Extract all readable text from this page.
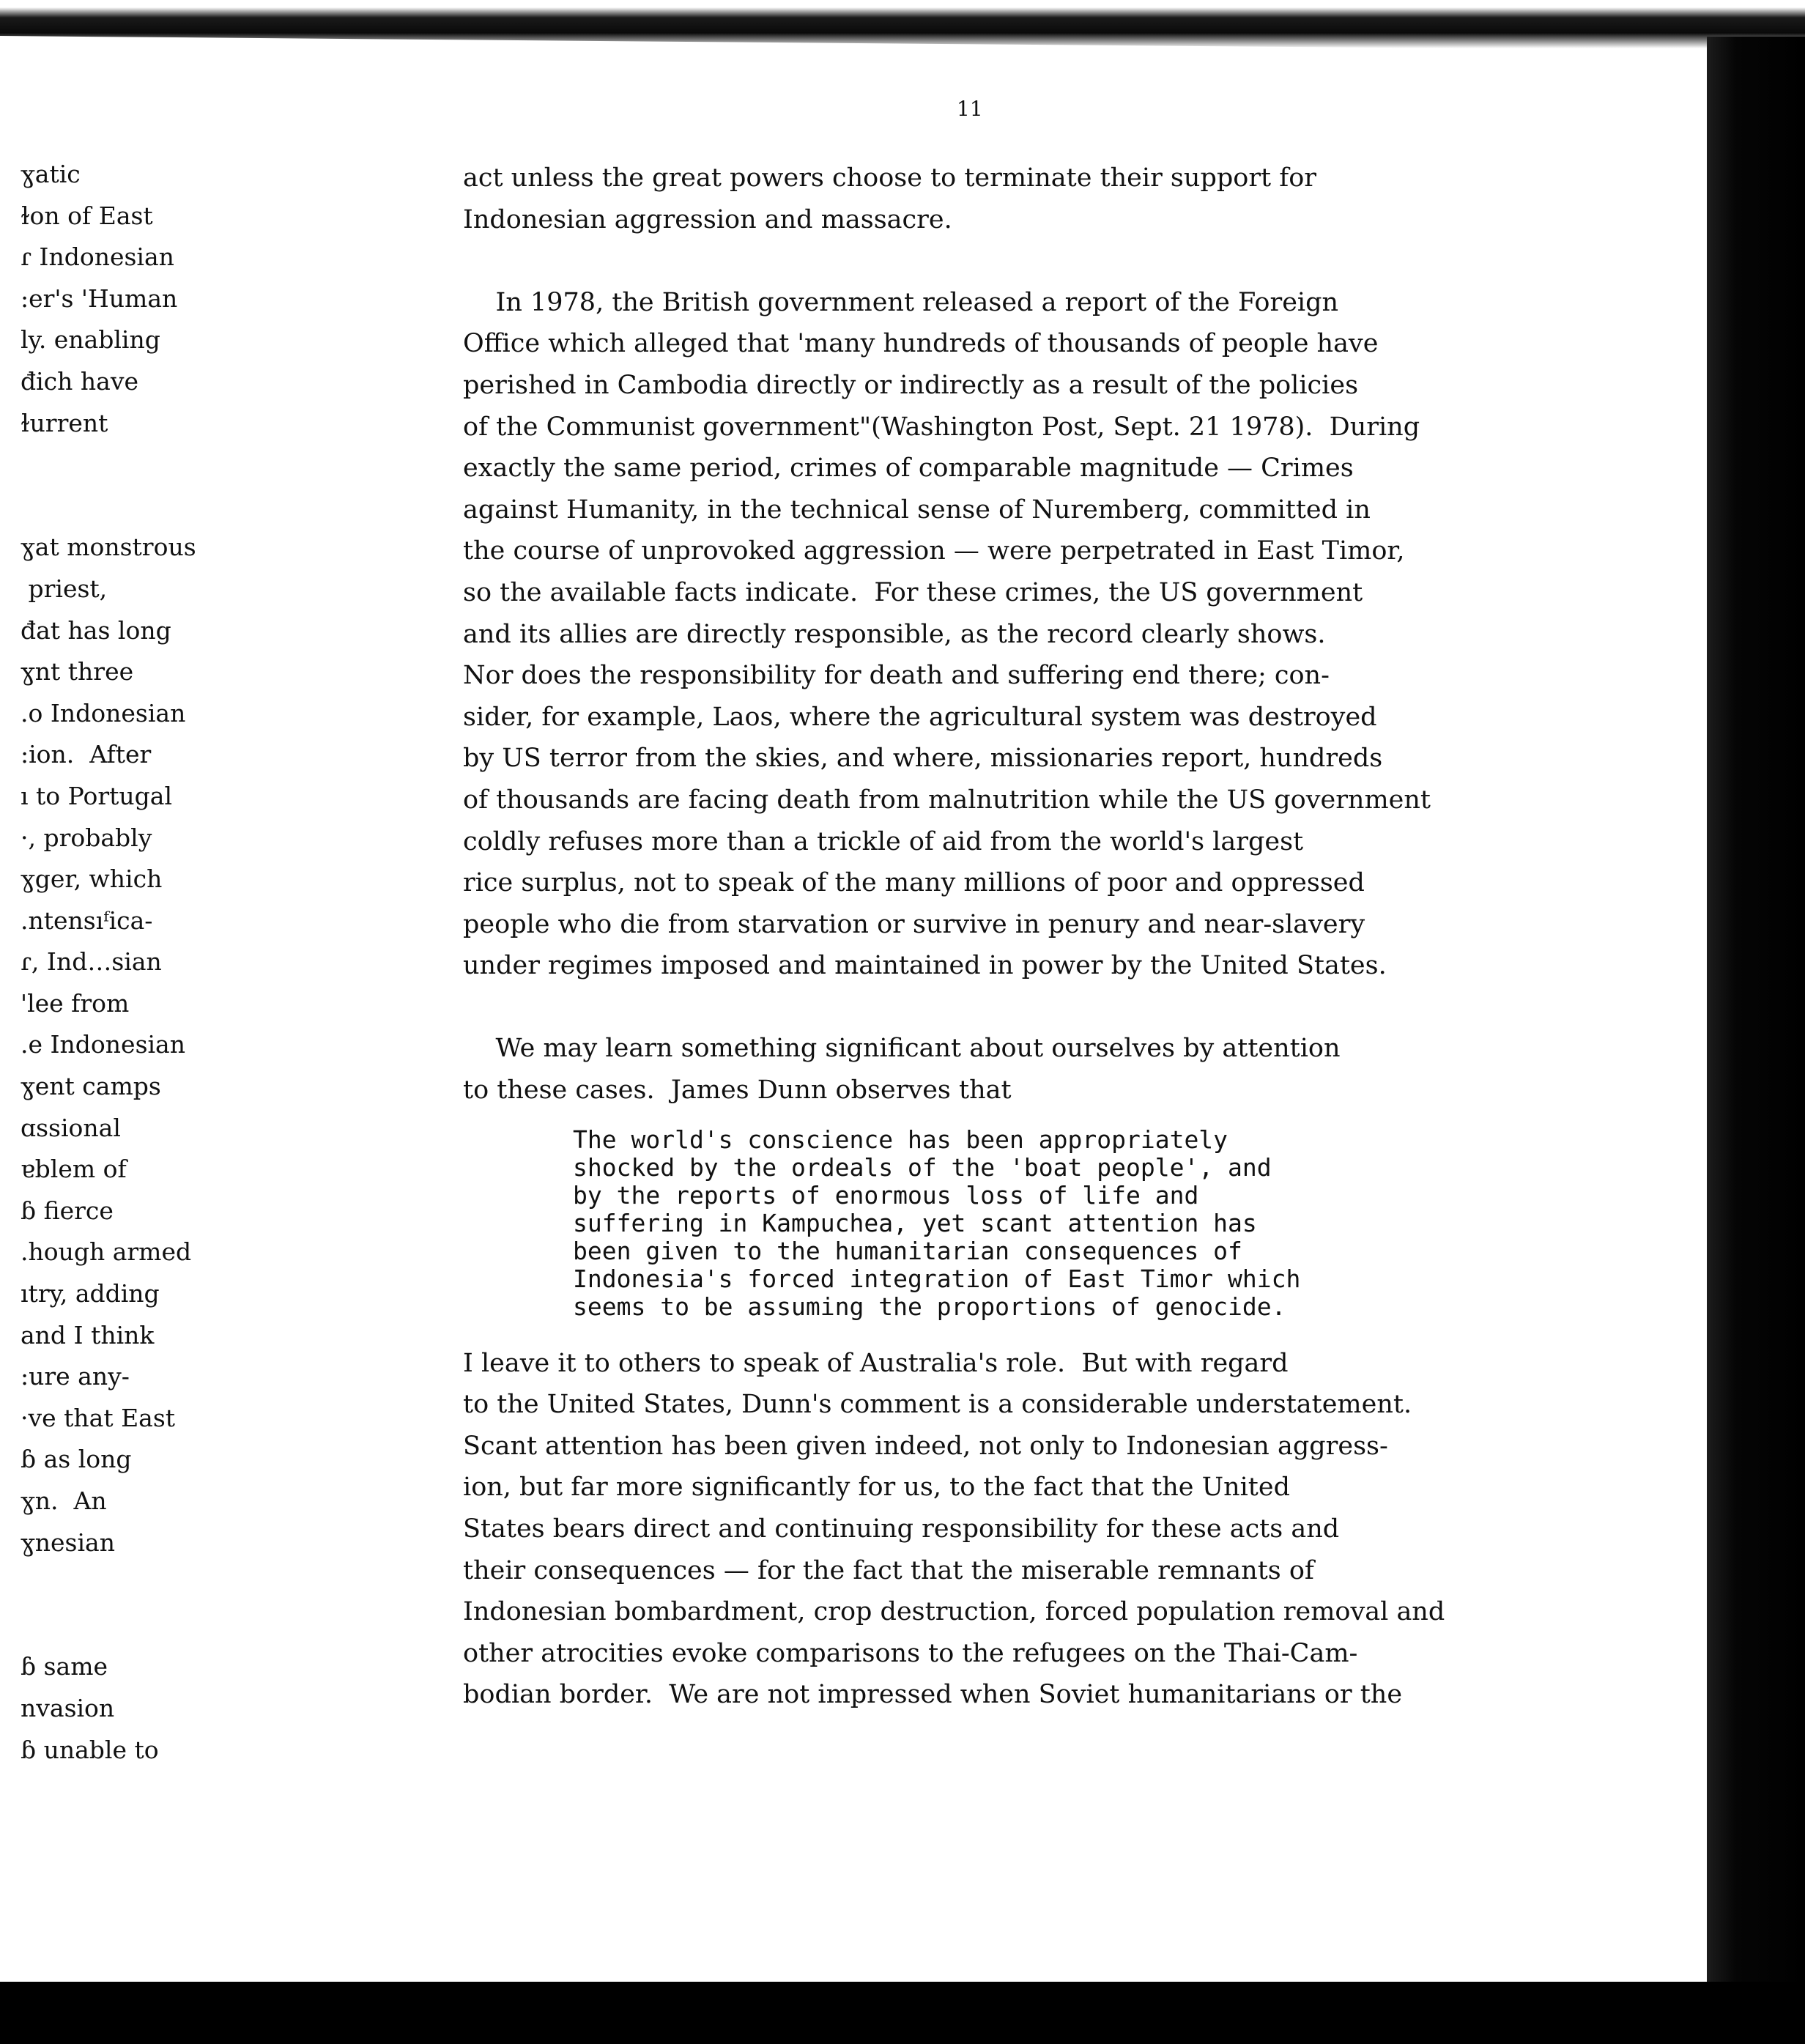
11
ɣatic
ɫon of East
ɾ Indonesian
:er's 'Human
ly. enabling
đich have
ɫurrent
ɣat monstrous
priest,
đat has long
ɣnt three
.o Indonesian
:ion.  After
ı to Portugal
·, probably
ɣger, which
.ntensıᶠica-
ɾ, Ind…sian
'lee from
.e Indonesian
ɣent camps
ɑssional
ɐblem of
ɓ fierce
.hough armed
ıtry, adding
and I think
:ure any-
·ve that East
ɓ as long
ɣn.  An
ɣnesian
ɓ same
nvasion
ɓ unable to
act unless the great powers choose to terminate their support for
Indonesian aggression and massacre.
In 1978, the British government released a report of the Foreign
Office which alleged that 'many hundreds of thousands of people have
perished in Cambodia directly or indirectly as a result of the policies
of the Communist government"(Washington Post, Sept. 21 1978).  During
exactly the same period, crimes of comparable magnitude — Crimes
against Humanity, in the technical sense of Nuremberg, committed in
the course of unprovoked aggression — were perpetrated in East Timor,
so the available facts indicate.  For these crimes, the US government
and its allies are directly responsible, as the record clearly shows.
Nor does the responsibility for death and suffering end there; con-
sider, for example, Laos, where the agricultural system was destroyed
by US terror from the skies, and where, missionaries report, hundreds
of thousands are facing death from malnutrition while the US government
coldly refuses more than a trickle of aid from the world's largest
rice surplus, not to speak of the many millions of poor and oppressed
people who die from starvation or survive in penury and near-slavery
under regimes imposed and maintained in power by the United States.
We may learn something significant about ourselves by attention
to these cases.  James Dunn observes that
The world's conscience has been appropriately
shocked by the ordeals of the 'boat people', and
by the reports of enormous loss of life and
suffering in Kampuchea, yet scant attention has
been given to the humanitarian consequences of
Indonesia's forced integration of East Timor which
seems to be assuming the proportions of genocide.
I leave it to others to speak of Australia's role.  But with regard
to the United States, Dunn's comment is a considerable understatement.
Scant attention has been given indeed, not only to Indonesian aggress-
ion, but far more significantly for us, to the fact that the United
States bears direct and continuing responsibility for these acts and
their consequences — for the fact that the miserable remnants of
Indonesian bombardment, crop destruction, forced population removal and
other atrocities evoke comparisons to the refugees on the Thai-Cam-
bodian border.  We are not impressed when Soviet humanitarians or the
